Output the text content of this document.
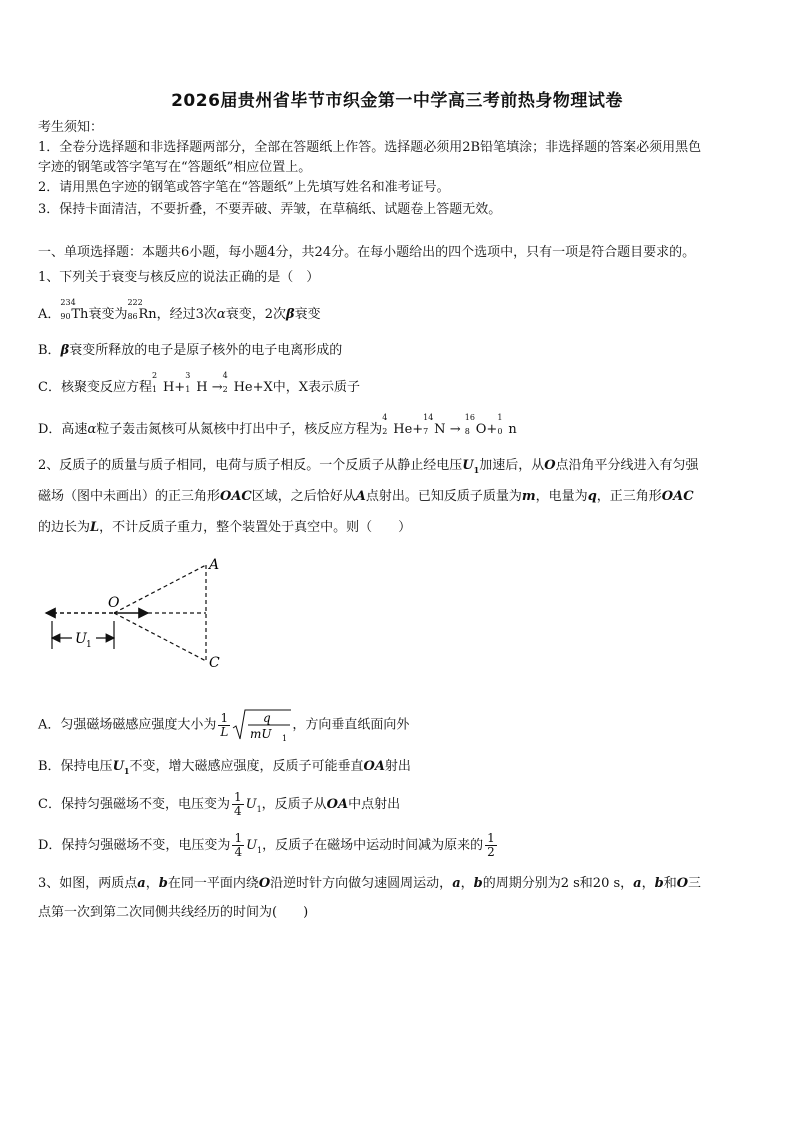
2026届贵州省毕节市织金第一中学高三考前热身物理试卷
考生须知：
1．全卷分选择题和非选择题两部分，全部在答题纸上作答。选择题必须用2B铅笔填涂；非选择题的答案必须用黑色
字迹的钢笔或答字笔写在“答题纸”相应位置上。
2．请用黑色字迹的钢笔或答字笔在“答题纸”上先填写姓名和准考证号。
3．保持卡面清洁，不要折叠，不要弄破、弄皱，在草稿纸、试题卷上答题无效。
一、单项选择题：本题共6小题，每小题4分，共24分。在每小题给出的四个选项中，只有一项是符合题目要求的。
1、下列关于衰变与核反应的说法正确的是（　）
A．
234
90 Th衰变为
222
86 Rn，经过3次α衰变，2次β衰变
B．β衰变所释放的电子是原子核外的电子电离形成的
C．核聚变反应方程
2
1 H+
3
1 H →
4
2 He+X中，X表示质子
D．高速α粒子轰击氮核可从氮核中打出中子，核反应方程为
4
2 He+
14
7 N →
16
8 O+
1
0 n
2、反质子的质量与质子相同，电荷与质子相反。一个反质子从静止经电压$U_1$加速后，从O点沿角平分线进入有匀强
磁场（图中未画出）的正三角形OAC区域，之后恰好从A点射出。已知反质子质量为m，电量为q，正三角形OAC
的边长为L，不计反质子重力，整个装置处于真空中。则（　　）
O
A
C
U 1
A．匀强磁场磁感应强度大小为 $\frac{1}{L}$	q
mU 1
，方向垂直纸面向外
B．保持电压$U_1$不变，增大磁感应强度，反质子可能垂直OA射出
C．保持匀强磁场不变，电压变为 $\frac{1}{4} U_1$，反质子从OA中点射出
D．保持匀强磁场不变，电压变为 $\frac{1}{4} U_1$，反质子在磁场中运动时间减为原来的 $\frac{1}{2}$
3、如图，两质点a，b在同一平面内绕O沿逆时针方向做匀速圆周运动，a，b的周期分别为2 s和20 s，a，b和O三
点第一次到第二次同侧共线经历的时间为(　　)
